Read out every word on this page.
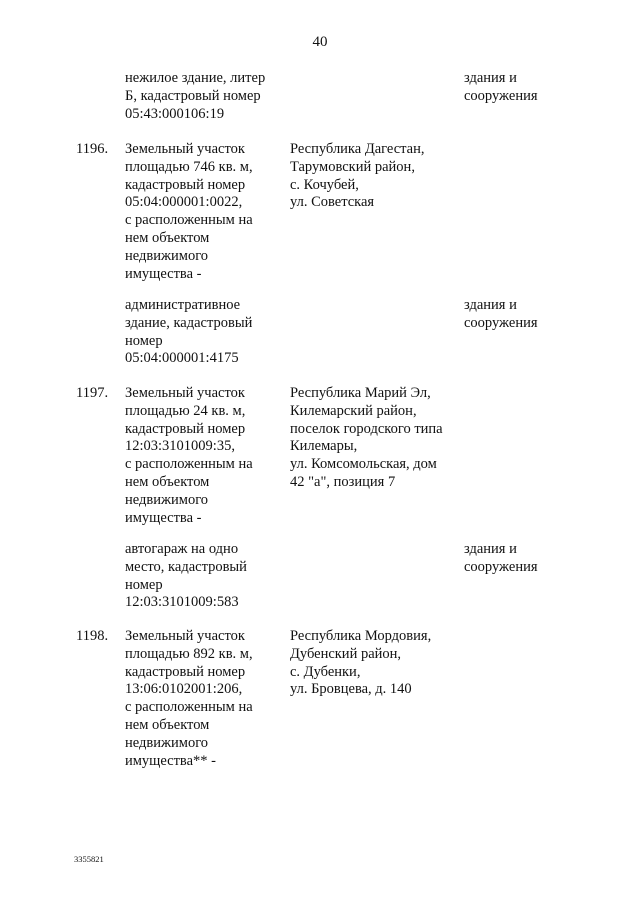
40
нежилое здание, литер
Б, кадастровый номер
05:43:000106:19
здания и
сооружения
1196. Земельный участок
площадью 746 кв. м,
кадастровый номер
05:04:000001:0022,
с расположенным на
нем объектом
недвижимого
имущества -
Республика Дагестан,
Тарумовский район,
с. Кочубей,
ул. Советская
административное
здание, кадастровый
номер
05:04:000001:4175
здания и
сооружения
1197. Земельный участок
площадью 24 кв. м,
кадастровый номер
12:03:3101009:35,
с расположенным на
нем объектом
недвижимого
имущества -
Республика Марий Эл,
Килемарский район,
поселок городского типа
Килемары,
ул. Комсомольская, дом
42 "а", позиция 7
автогараж на одно
место, кадастровый
номер
12:03:3101009:583
здания и
сооружения
1198. Земельный участок
площадью 892 кв. м,
кадастровый номер
13:06:0102001:206,
с расположенным на
нем объектом
недвижимого
имущества** -
Республика Мордовия,
Дубенский район,
с. Дубенки,
ул. Бровцева, д. 140
3355821
